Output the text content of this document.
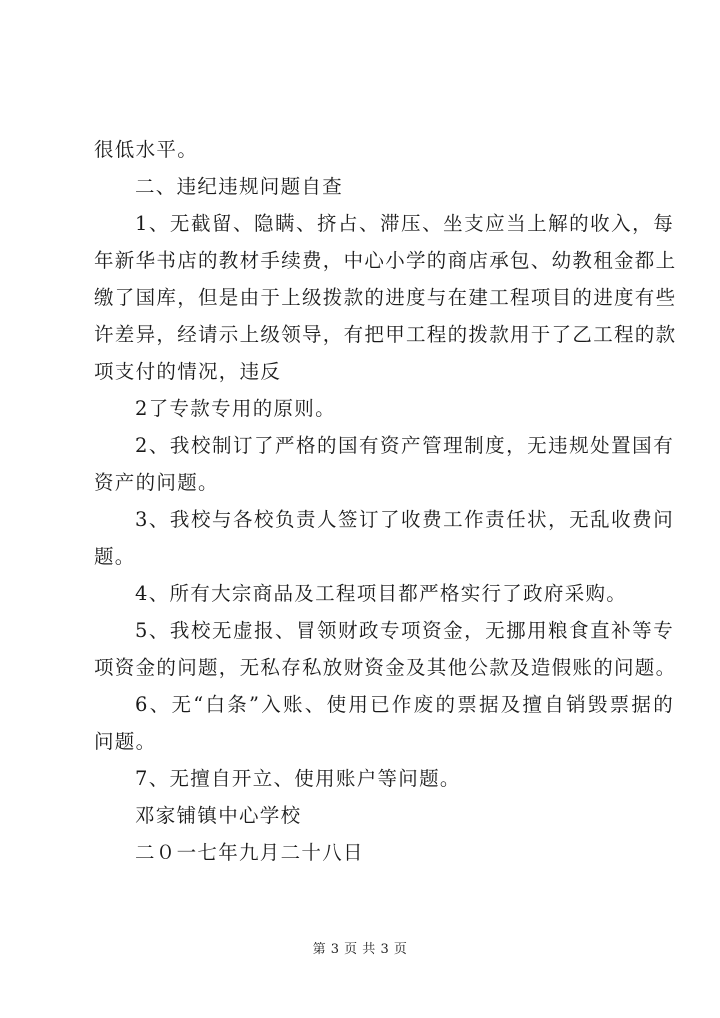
很低水平。
二、违纪违规问题自查
1、无截留、隐瞒、挤占、滞压、坐支应当上解的收入，每
年新华书店的教材手续费，中心小学的商店承包、幼教租金都上
缴了国库，但是由于上级拨款的进度与在建工程项目的进度有些
许差异，经请示上级领导，有把甲工程的拨款用于了乙工程的款
项支付的情况，违反
2了专款专用的原则。
2、我校制订了严格的国有资产管理制度，无违规处置国有
资产的问题。
3、我校与各校负责人签订了收费工作责任状，无乱收费问
题。
4、所有大宗商品及工程项目都严格实行了政府采购。
5、我校无虚报、冒领财政专项资金，无挪用粮食直补等专
项资金的问题，无私存私放财资金及其他公款及造假账的问题。
6、无“白条”入账、使用已作废的票据及擅自销毁票据的
问题。
7、无擅自开立、使用账户等问题。
邓家铺镇中心学校
二０一七年九月二十八日
第 3 页 共 3 页
